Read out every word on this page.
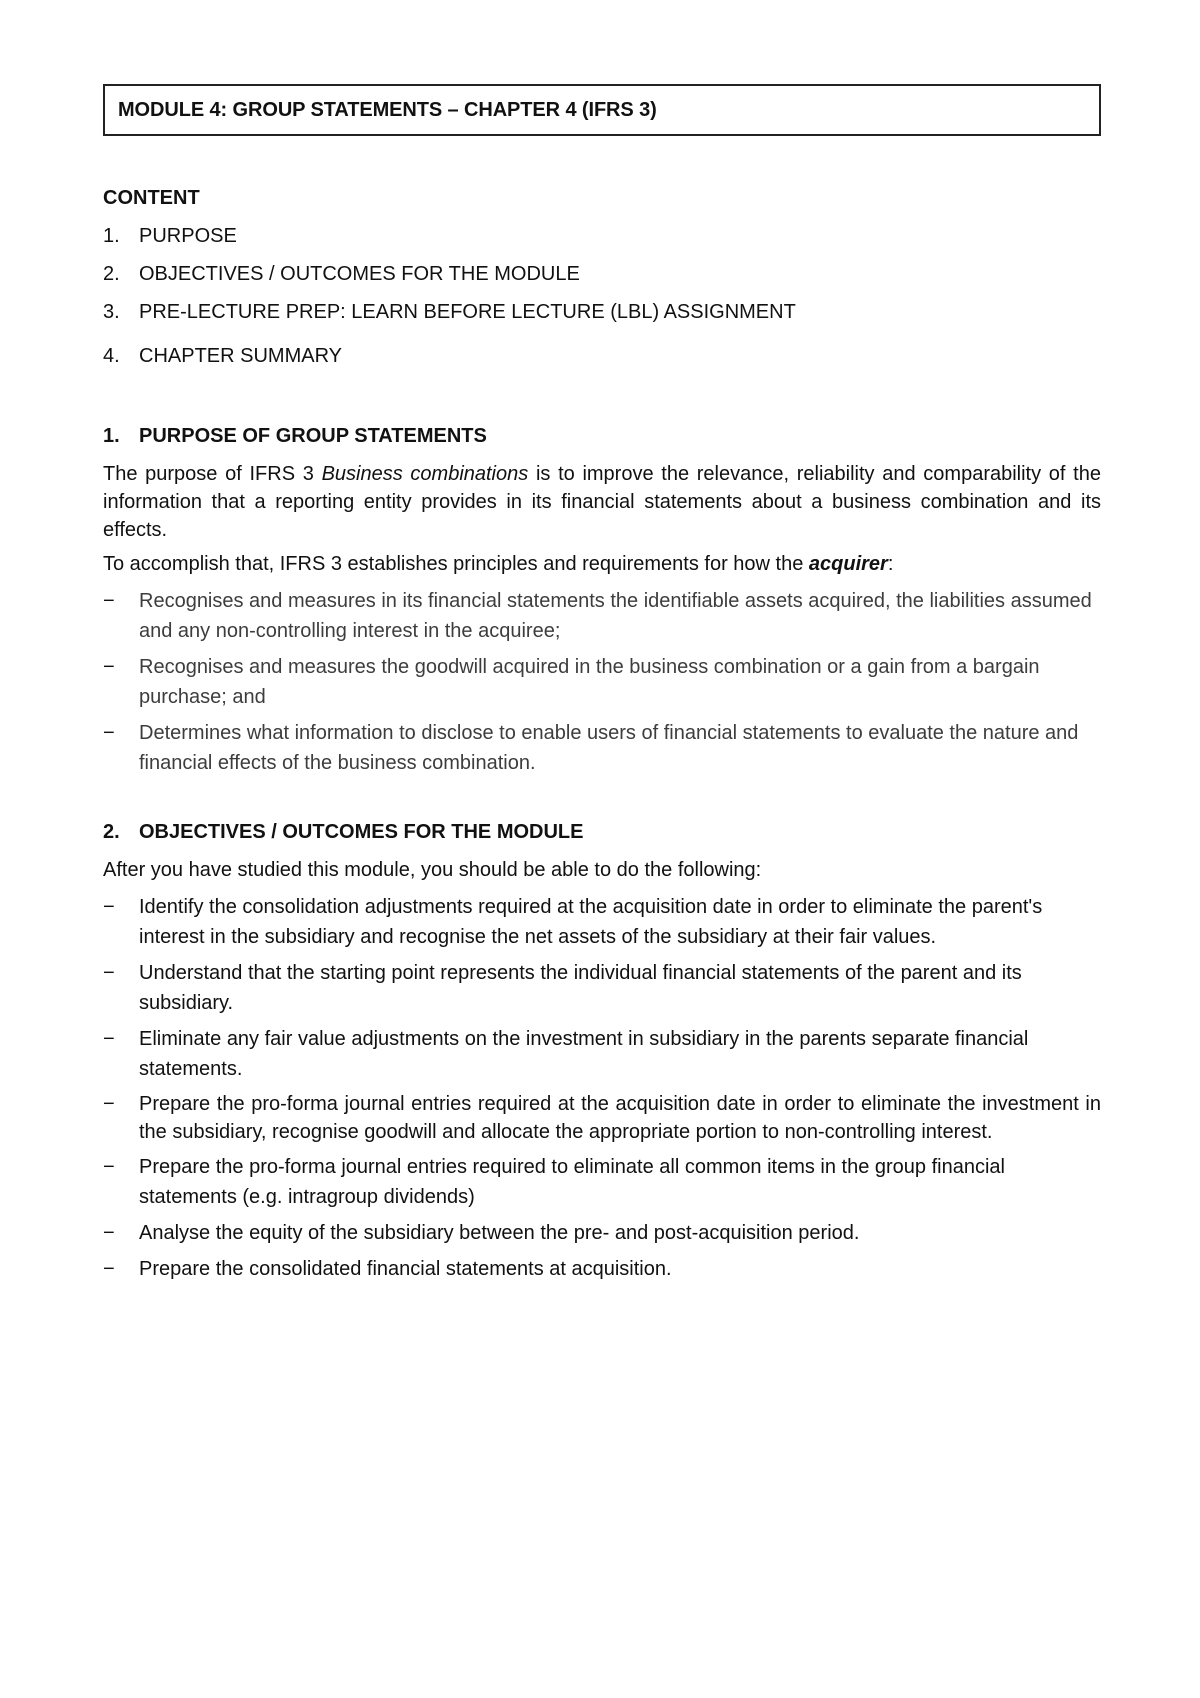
MODULE 4: GROUP STATEMENTS – CHAPTER 4 (IFRS 3)
CONTENT
1. PURPOSE
2. OBJECTIVES / OUTCOMES FOR THE MODULE
3. PRE-LECTURE PREP: LEARN BEFORE LECTURE (LBL) ASSIGNMENT
4. CHAPTER SUMMARY
1. PURPOSE OF GROUP STATEMENTS

The purpose of IFRS 3 Business combinations is to improve the relevance, reliability and comparability of the information that a reporting entity provides in its financial statements about a business combination and its effects.

To accomplish that, IFRS 3 establishes principles and requirements for how the acquirer:

−	Recognises and measures in its financial statements the identifiable assets acquired, the liabilities assumed and any non-controlling interest in the acquiree;
−	Recognises and measures the goodwill acquired in the business combination or a gain from a bargain purchase; and
−	Determines what information to disclose to enable users of financial statements to evaluate the nature and financial effects of the business combination.
2. OBJECTIVES / OUTCOMES FOR THE MODULE

After you have studied this module, you should be able to do the following:

−	Identify the consolidation adjustments required at the acquisition date in order to eliminate the parent's interest in the subsidiary and recognise the net assets of the subsidiary at their fair values.
−	Understand that the starting point represents the individual financial statements of the parent and its subsidiary.
−	Eliminate any fair value adjustments on the investment in subsidiary in the parents separate financial statements.
−	Prepare the pro-forma journal entries required at the acquisition date in order to eliminate the investment in the subsidiary, recognise goodwill and allocate the appropriate portion to non-controlling interest.
−	Prepare the pro-forma journal entries required to eliminate all common items in the group financial statements (e.g. intragroup dividends)
−	Analyse the equity of the subsidiary between the pre- and post-acquisition period.
−	Prepare the consolidated financial statements at acquisition.
